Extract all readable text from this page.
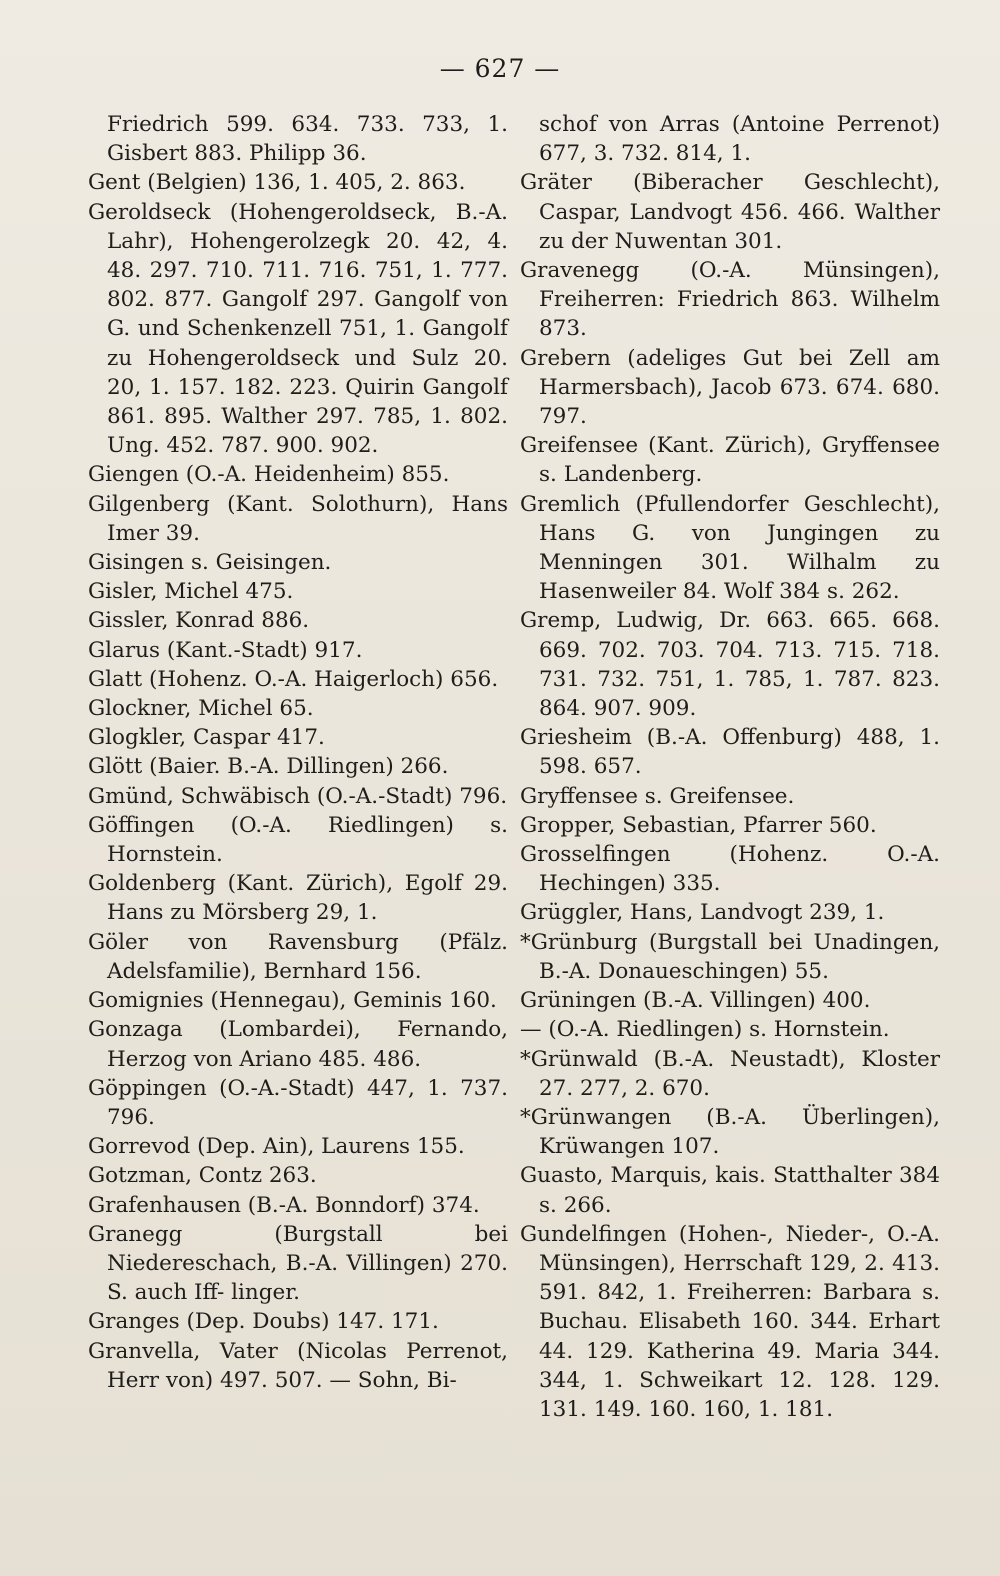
— 627 —

Friedrich 599. 634. 733. 733, 1. Gisbert 883. Philipp 36.

Gent (Belgien) 136, 1. 405, 2. 863.

Geroldseck (Hohengeroldseck, B.-A. Lahr), Hohengerolzegk 20. 42, 4. 48. 297. 710. 711. 716. 751, 1. 777. 802. 877. Gangolf 297. Gangolf von G. und Schenkenzell 751, 1. Gangolf zu Hohengeroldseck und Sulz 20. 20, 1. 157. 182. 223. Quirin Gangolf 861. 895. Walther 297. 785, 1. 802. Ung. 452. 787. 900. 902.

Giengen (O.-A. Heidenheim) 855.

Gilgenberg (Kant. Solothurn), Hans Imer 39.

Gisingen s. Geisingen.

Gisler, Michel 475.

Gissler, Konrad 886.

Glarus (Kant.-Stadt) 917.

Glatt (Hohenz. O.-A. Haigerloch) 656.

Glockner, Michel 65.

Glogkler, Caspar 417.

Glött (Baier. B.-A. Dillingen) 266.

Gmünd, Schwäbisch (O.-A.-Stadt) 796.

Göffingen (O.-A. Riedlingen) s. Hornstein.

Goldenberg (Kant. Zürich), Egolf 29. Hans zu Mörsberg 29, 1.

Göler von Ravensburg (Pfälz. Adelsfamilie), Bernhard 156.

Gomignies (Hennegau), Geminis 160.

Gonzaga (Lombardei), Fernando, Herzog von Ariano 485. 486.

Göppingen (O.-A.-Stadt) 447, 1. 737. 796.

Gorrevod (Dep. Ain), Laurens 155.

Gotzman, Contz 263.

Grafenhausen (B.-A. Bonndorf) 374.

Granegg (Burgstall bei Niedereschach, B.-A. Villingen) 270. S. auch Iff- linger.

Granges (Dep. Doubs) 147. 171.

Granvella, Vater (Nicolas Perrenot, Herr von) 497. 507. — Sohn, Bi-

schof von Arras (Antoine Perrenot) 677, 3. 732. 814, 1.

Gräter (Biberacher Geschlecht), Caspar, Landvogt 456. 466. Walther zu der Nuwentan 301.

Gravenegg (O.-A. Münsingen), Freiherren: Friedrich 863. Wilhelm 873.

Grebern (adeliges Gut bei Zell am Harmersbach), Jacob 673. 674. 680. 797.

Greifensee (Kant. Zürich), Gryffensee s. Landenberg.

Gremlich (Pfullendorfer Geschlecht), Hans G. von Jungingen zu Menningen 301. Wilhalm zu Hasenweiler 84. Wolf 384 s. 262.

Gremp, Ludwig, Dr. 663. 665. 668. 669. 702. 703. 704. 713. 715. 718. 731. 732. 751, 1. 785, 1. 787. 823. 864. 907. 909.

Griesheim (B.-A. Offenburg) 488, 1. 598. 657.

Gryffensee s. Greifensee.

Gropper, Sebastian, Pfarrer 560.

Grosselfingen (Hohenz. O.-A. Hechingen) 335.

Grüggler, Hans, Landvogt 239, 1.

*Grünburg (Burgstall bei Unadingen, B.-A. Donaueschingen) 55.

Grüningen (B.-A. Villingen) 400.

— (O.-A. Riedlingen) s. Hornstein.

*Grünwald (B.-A. Neustadt), Kloster 27. 277, 2. 670.

*Grünwangen (B.-A. Überlingen), Krüwangen 107.

Guasto, Marquis, kais. Statthalter 384 s. 266.

Gundelfingen (Hohen-, Nieder-, O.-A. Münsingen), Herrschaft 129, 2. 413. 591. 842, 1. Freiherren: Barbara s. Buchau. Elisabeth 160. 344. Erhart 44. 129. Katherina 49. Maria 344. 344, 1. Schweikart 12. 128. 129. 131. 149. 160. 160, 1. 181.
